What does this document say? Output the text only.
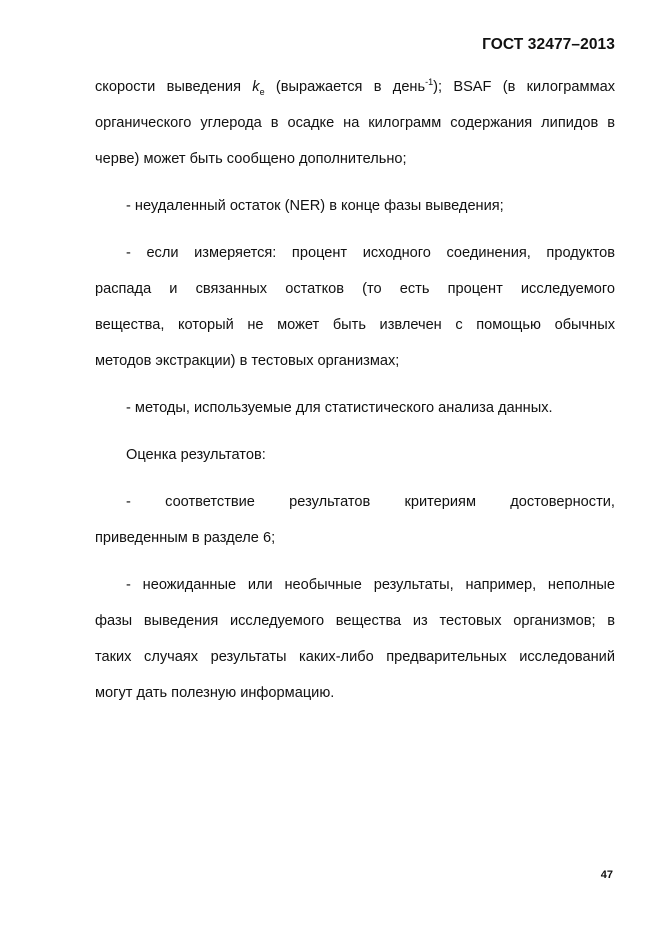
ГОСТ 32477–2013
скорости выведения $k_e$ (выражается в день$^{-1}$); BSAF (в килограммах
органического углерода в осадке на килограмм содержания липидов в
черве) может быть сообщено дополнительно;
- неудаленный остаток (NER) в конце фазы выведения;
- если измеряется: процент исходного соединения, продуктов
распада и связанных остатков (то есть процент исследуемого
вещества, который не может быть извлечен с помощью обычных
методов экстракции) в тестовых организмах;
- методы, используемые для статистического анализа данных.
Оценка результатов:
- соответствие результатов критериям достоверности,
приведенным в разделе 6;
- неожиданные или необычные результаты, например, неполные
фазы выведения исследуемого вещества из тестовых организмов; в
таких случаях результаты каких-либо предварительных исследований
могут дать полезную информацию.
47
